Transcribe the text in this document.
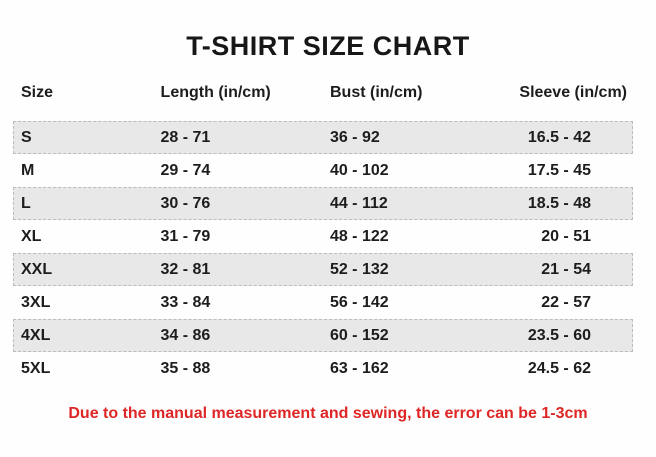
T-SHIRT SIZE CHART
Size	Length (in/cm)	Bust (in/cm)	Sleeve (in/cm)
S	28 - 71	36 - 92	16.5 - 42
M	29 - 74	40 - 102	17.5 - 45
L	30 - 76	44 - 112	18.5 - 48
XL	31 - 79	48 - 122	20 - 51
XXL	32 - 81	52 - 132	21 - 54
3XL	33 - 84	56 - 142	22 - 57
4XL	34 - 86	60 - 152	23.5 - 60
5XL	35 - 88	63 - 162	24.5 - 62

Due to the manual measurement and sewing, the error can be 1-3cm
